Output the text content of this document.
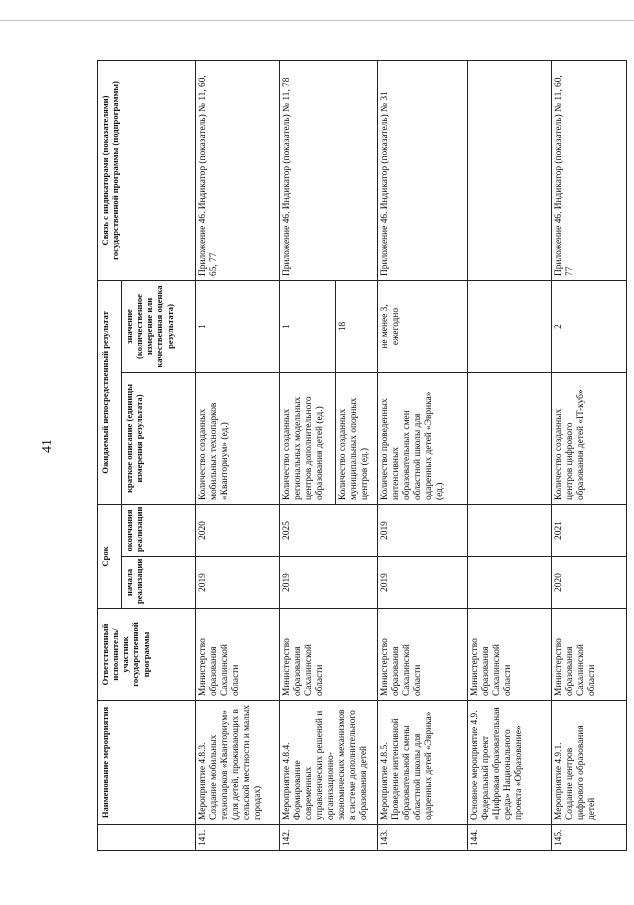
41
	Наименование мероприятия	Ответственный исполнитель/участник государственной программы	Срок		Ожидаемый непосредственный результат		Связь с индикаторами (показателями) государственной программы (подпрограммы)
			начала реализации	окончания реализации	краткое описание (единицы измерения результата)	значение (количественное измерение или качественная оценка результата)	
141.	Мероприятие 4.8.3. Создание мобильных технопарков «Кванториум» (для детей, проживающих в сельской местности и малых городах)	Министерство образования Сахалинской области	2019	2020	Количество созданных мобильных технопарков «Кванториум» (ед.)	1	Приложение 46. Индикатор (показатель) № 11, 60, 65, 77
142.	Мероприятие 4.8.4. Формирование современных управленческих решений и организационно-экономических механизмов в системе дополнительного образования детей	Министерство образования Сахалинской области	2019	2025	Количество созданных региональных модельных центров дополнительного образования детей (ед.)	1	Приложение 46. Индикатор (показатель) № 11, 78
					Количество созданных муниципальных опорных центров (ед.)	18	
143.	Мероприятие 4.8.5. Проведение интенсивной образовательной смены областной школы для одаренных детей «Эврика»	Министерство образования Сахалинской области	2019	2019	Количество проведенных интенсивных образовательных смен областной школы для одаренных детей «Эврика» (ед.)	не менее 3, ежегодно	Приложение 46. Индикатор (показатель) № 31
144.	Основное мероприятие 4.9. Федеральный проект «Цифровая образовательная среда» Национального проекта «Образование»	Министерство образования Сахалинской области					
145.	Мероприятие 4.9.1. Создание центров цифрового образования детей	Министерство образования Сахалинской области	2020	2021	Количество созданных центров цифрового образования детей «IT-куб»	2	Приложение 46. Индикатор (показатель) № 11, 60, 77
